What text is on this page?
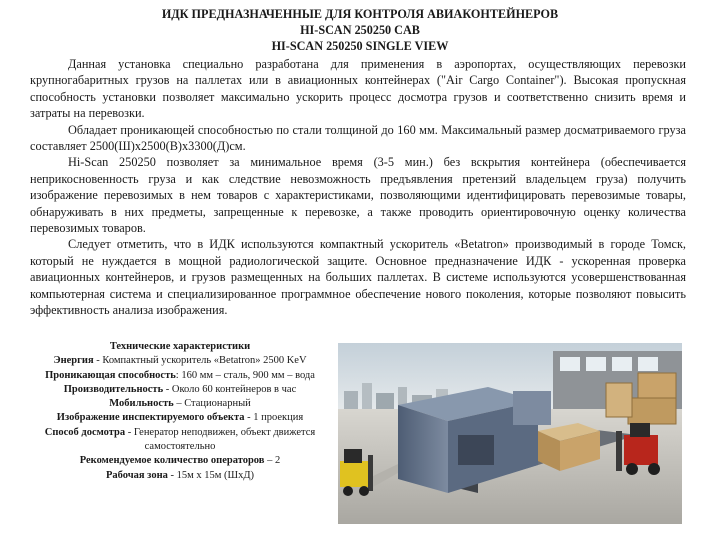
ИДК ПРЕДНАЗНАЧЕННЫЕ ДЛЯ КОНТРОЛЯ АВИАКОНТЕЙНЕРОВ
HI-SCAN 250250 CAB
HI-SCAN 250250 SINGLE VIEW

Данная установка специально разработана для применения в аэропортах, осуществляющих перевозки крупногабаритных грузов на паллетах или в авиационных контейнерах ("Air Cargo Container"). Высокая пропускная способность установки позволяет максимально ускорить процесс досмотра грузов и соответственно снизить время и затраты на перевозки.

Обладает проникающей способностью по стали толщиной до 160 мм. Максимальный размер досматриваемого груза составляет 2500(Ш)х2500(В)х3300(Д)см.

Hi-Scan 250250 позволяет за минимальное время (3-5 мин.) без вскрытия контейнера (обеспечивается неприкосновенность груза и как следствие невозможность предъявления претензий владельцем груза) получить изображение перевозимых в нем товаров с характеристиками, позволяющими идентифицировать перевозимые товары, обнаруживать в них предметы, запрещенные к перевозке, а также проводить ориентировочную оценку количества перевозимых товаров.

Следует отметить, что в ИДК используются компактный ускоритель «Betatron» производимый в городе Томск, который не нуждается в мощной радиологической защите. Основное предназначение ИДК - ускоренная проверка авиационных контейнеров, и грузов размещенных на больших паллетах. В системе используются усовершенствованная компьютерная система и специализированное программное обеспечение нового поколения, которые позволяют повысить эффективность анализа изображения.

Технические характеристики
Энергия - Компактный ускоритель «Betatron» 2500 KeV
Проникающая способность: 160 мм – сталь, 900 мм – вода
Производительность - Около 60 контейнеров в час
Мобильность – Стационарный
Изображение инспектируемого объекта - 1 проекция
Способ досмотра - Генератор неподвижен, объект движется самостоятельно
Рекомендуемое количество операторов – 2
Рабочая зона - 15м х 15м (ШхД)
